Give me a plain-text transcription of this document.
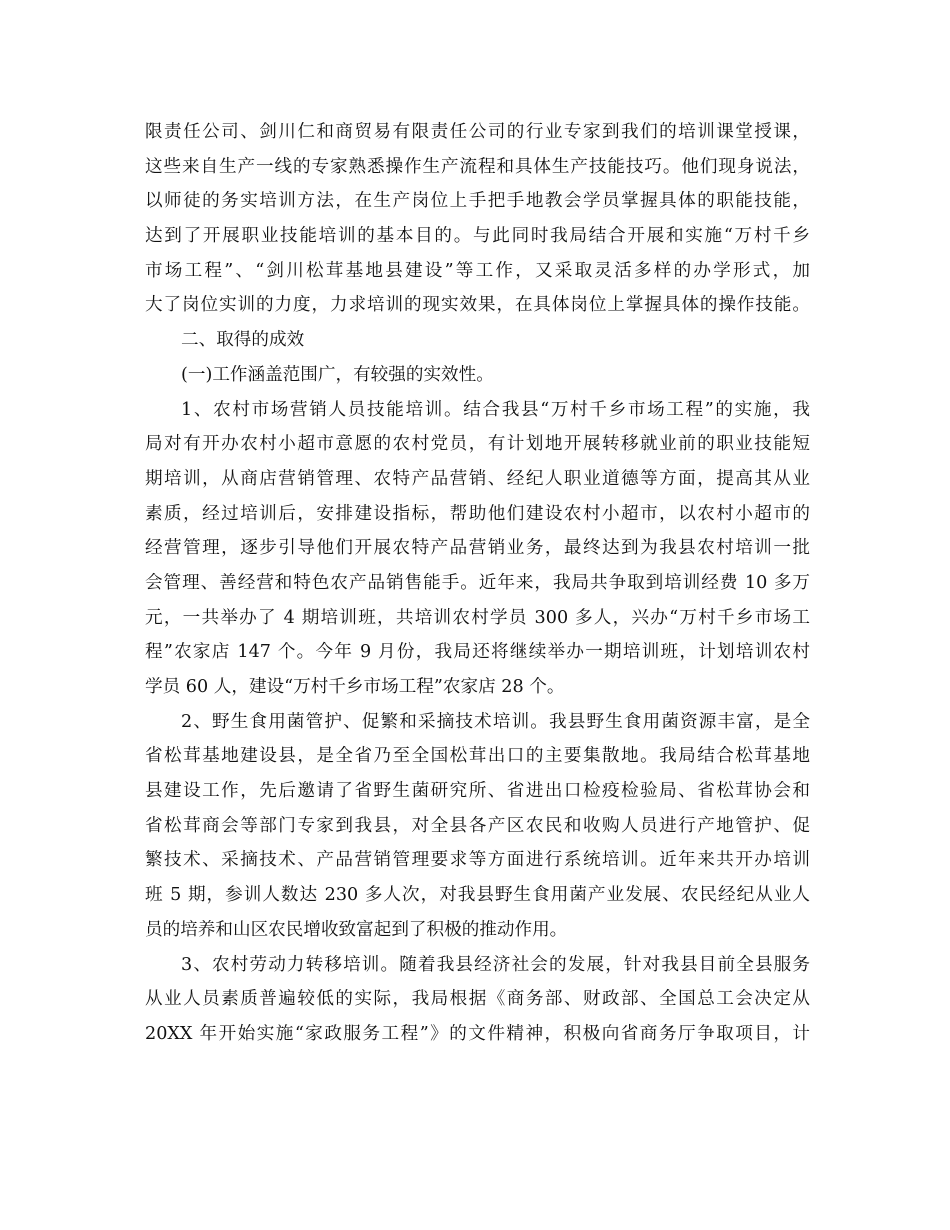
限责任公司、剑川仁和商贸易有限责任公司的行业专家到我们的培训课堂授课，
这些来自生产一线的专家熟悉操作生产流程和具体生产技能技巧。他们现身说法，
以师徒的务实培训方法，在生产岗位上手把手地教会学员掌握具体的职能技能，
达到了开展职业技能培训的基本目的。与此同时我局结合开展和实施“万村千乡
市场工程”、“剑川松茸基地县建设”等工作，又采取灵活多样的办学形式，加
大了岗位实训的力度，力求培训的现实效果，在具体岗位上掌握具体的操作技能。
二、取得的成效
(一)工作涵盖范围广，有较强的实效性。
1、农村市场营销人员技能培训。结合我县“万村千乡市场工程”的实施，我
局对有开办农村小超市意愿的农村党员，有计划地开展转移就业前的职业技能短
期培训，从商店营销管理、农特产品营销、经纪人职业道德等方面，提高其从业
素质，经过培训后，安排建设指标，帮助他们建设农村小超市，以农村小超市的
经营管理，逐步引导他们开展农特产品营销业务，最终达到为我县农村培训一批
会管理、善经营和特色农产品销售能手。近年来，我局共争取到培训经费 10 多万
元，一共举办了 4 期培训班，共培训农村学员 300 多人，兴办“万村千乡市场工
程”农家店 147 个。今年 9 月份，我局还将继续举办一期培训班，计划培训农村
学员 60 人，建设“万村千乡市场工程”农家店 28 个。
2、野生食用菌管护、促繁和采摘技术培训。我县野生食用菌资源丰富，是全
省松茸基地建设县，是全省乃至全国松茸出口的主要集散地。我局结合松茸基地
县建设工作，先后邀请了省野生菌研究所、省进出口检疫检验局、省松茸协会和
省松茸商会等部门专家到我县，对全县各产区农民和收购人员进行产地管护、促
繁技术、采摘技术、产品营销管理要求等方面进行系统培训。近年来共开办培训
班 5 期，参训人数达 230 多人次，对我县野生食用菌产业发展、农民经纪从业人
员的培养和山区农民增收致富起到了积极的推动作用。
3、农村劳动力转移培训。随着我县经济社会的发展，针对我县目前全县服务
从业人员素质普遍较低的实际，我局根据《商务部、财政部、全国总工会决定从
20XX 年开始实施“家政服务工程”》的文件精神，积极向省商务厅争取项目，计
